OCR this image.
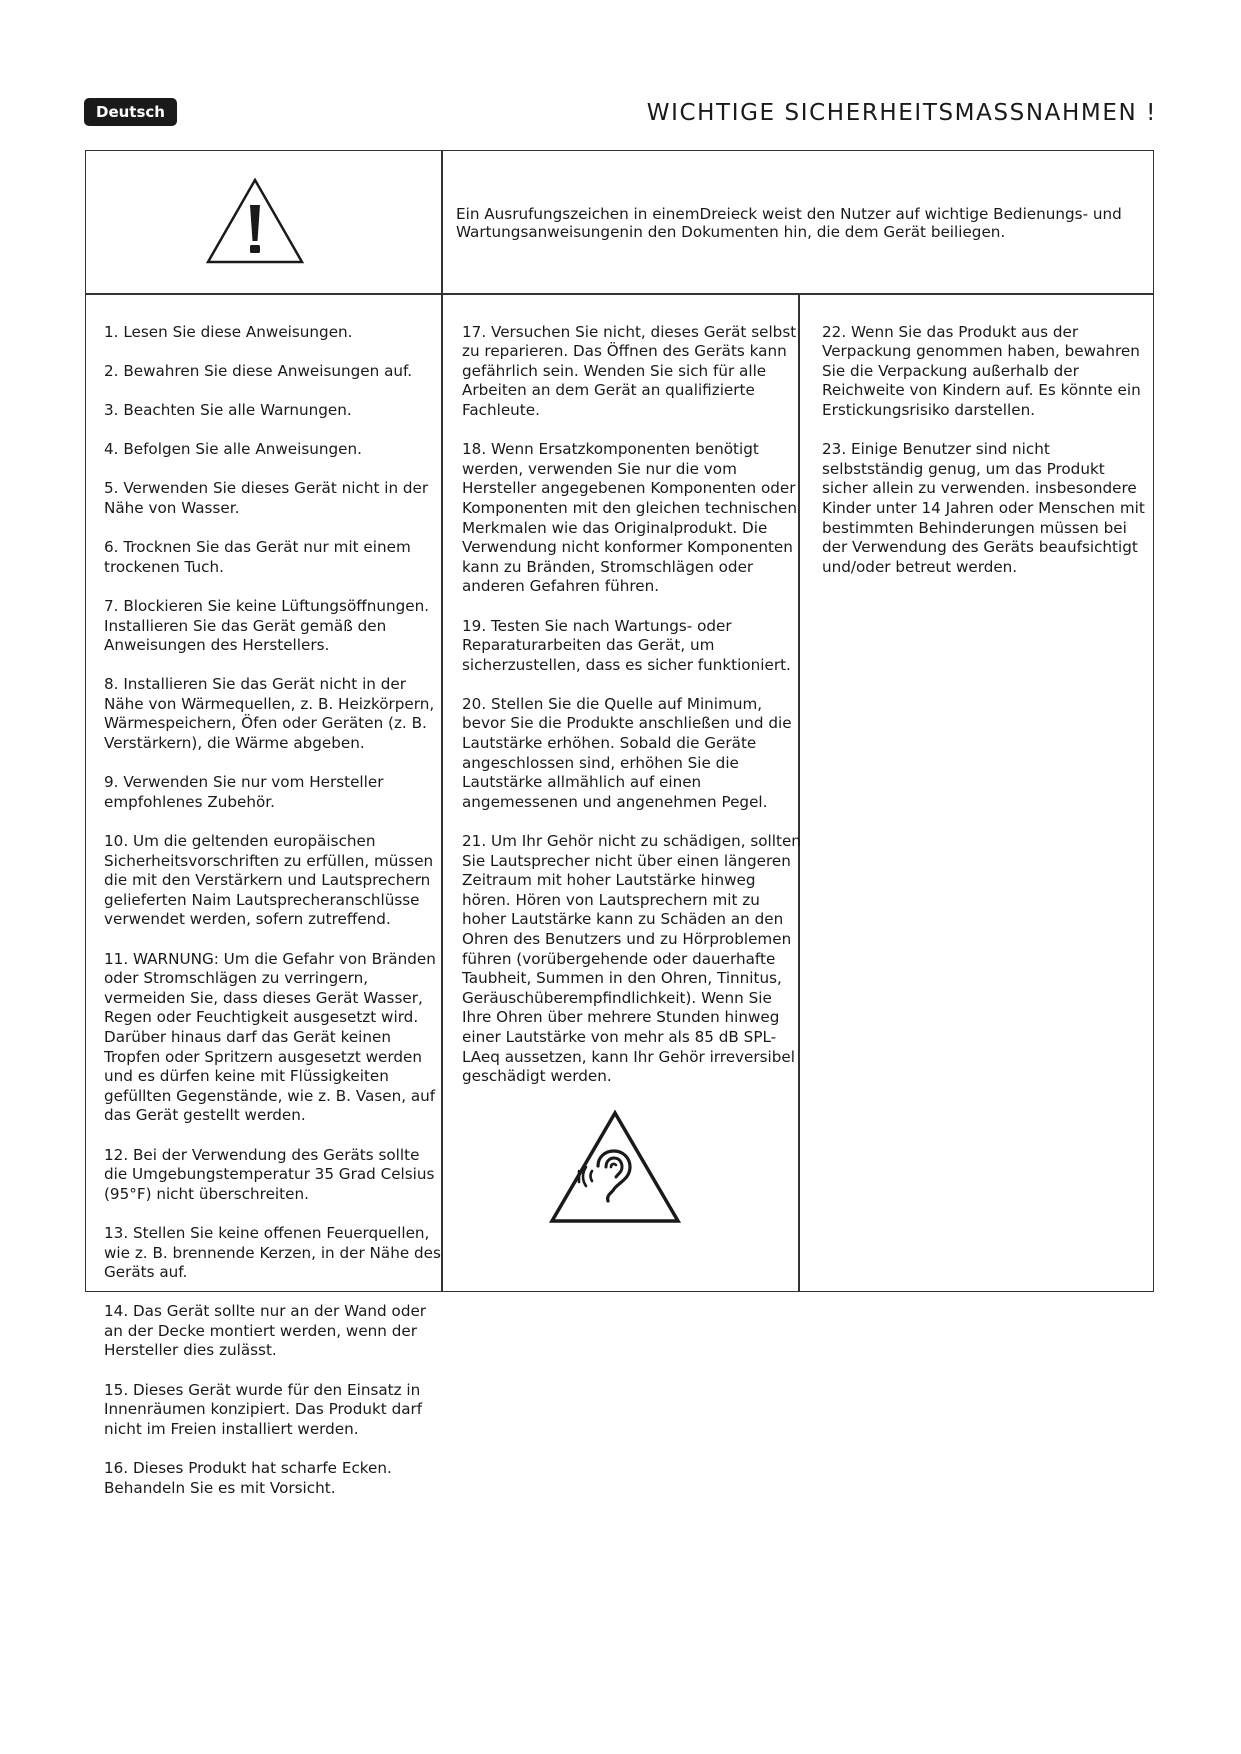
Deutsch	WICHTIGE SICHERHEITSMASSNAHMEN !
Ein Ausrufungszeichen in einemDreieck weist den Nutzer auf wichtige Bedienungs- und Wartungsanweisungenin den Dokumenten hin, die dem Gerät beiliegen.

1. Lesen Sie diese Anweisungen.

2. Bewahren Sie diese Anweisungen auf.

3. Beachten Sie alle Warnungen.

4. Befolgen Sie alle Anweisungen.

5. Verwenden Sie dieses Gerät nicht in der Nähe von Wasser.

6. Trocknen Sie das Gerät nur mit einem trockenen Tuch.

7. Blockieren Sie keine Lüftungsöffnungen. Installieren Sie das Gerät gemäß den Anweisungen des Herstellers.

8. Installieren Sie das Gerät nicht in der Nähe von Wärmequellen, z. B. Heizkörpern, Wärmespeichern, Öfen oder Geräten (z. B. Verstärkern), die Wärme abgeben.

9. Verwenden Sie nur vom Hersteller empfohlenes Zubehör.

10. Um die geltenden europäischen Sicherheitsvorschriften zu erfüllen, müssen die mit den Verstärkern und Lautsprechern gelieferten Naim Lautsprecheranschlüsse verwendet werden, sofern zutreffend.

11. WARNUNG: Um die Gefahr von Bränden oder Stromschlägen zu verringern, vermeiden Sie, dass dieses Gerät Wasser, Regen oder Feuchtigkeit ausgesetzt wird. Darüber hinaus darf das Gerät keinen Tropfen oder Spritzern ausgesetzt werden und es dürfen keine mit Flüssigkeiten gefüllten Gegenstände, wie z. B. Vasen, auf das Gerät gestellt werden.

12. Bei der Verwendung des Geräts sollte die Umgebungstemperatur 35 Grad Celsius (95°F) nicht überschreiten.

13. Stellen Sie keine offenen Feuerquellen, wie z. B. brennende Kerzen, in der Nähe des Geräts auf.

14. Das Gerät sollte nur an der Wand oder an der Decke montiert werden, wenn der Hersteller dies zulässt.

15. Dieses Gerät wurde für den Einsatz in Innenräumen konzipiert. Das Produkt darf nicht im Freien installiert werden.

16. Dieses Produkt hat scharfe Ecken. Behandeln Sie es mit Vorsicht.

17. Versuchen Sie nicht, dieses Gerät selbst zu reparieren. Das Öffnen des Geräts kann gefährlich sein. Wenden Sie sich für alle Arbeiten an dem Gerät an qualifizierte Fachleute.

18. Wenn Ersatzkomponenten benötigt werden, verwenden Sie nur die vom Hersteller angegebenen Komponenten oder Komponenten mit den gleichen technischen Merkmalen wie das Originalprodukt. Die Verwendung nicht konformer Komponenten kann zu Bränden, Stromschlägen oder anderen Gefahren führen.

19. Testen Sie nach Wartungs- oder Reparaturarbeiten das Gerät, um sicherzustellen, dass es sicher funktioniert.

20. Stellen Sie die Quelle auf Minimum, bevor Sie die Produkte anschließen und die Lautstärke erhöhen. Sobald die Geräte angeschlossen sind, erhöhen Sie die Lautstärke allmählich auf einen angemessenen und angenehmen Pegel.

21. Um Ihr Gehör nicht zu schädigen, sollten Sie Lautsprecher nicht über einen längeren Zeitraum mit hoher Lautstärke hinweg hören. Hören von Lautsprechern mit zu hoher Lautstärke kann zu Schäden an den Ohren des Benutzers und zu Hörproblemen führen (vorübergehende oder dauerhafte Taubheit, Summen in den Ohren, Tinnitus, Geräuschüberempfindlichkeit). Wenn Sie Ihre Ohren über mehrere Stunden hinweg einer Lautstärke von mehr als 85 dB SPL-LAeq aussetzen, kann Ihr Gehör irreversibel geschädigt werden.

22. Wenn Sie das Produkt aus der Verpackung genommen haben, bewahren Sie die Verpackung außerhalb der Reichweite von Kindern auf. Es könnte ein Erstickungsrisiko darstellen.

23. Einige Benutzer sind nicht selbstständig genug, um das Produkt sicher allein zu verwenden. insbesondere Kinder unter 14 Jahren oder Menschen mit bestimmten Behinderungen müssen bei der Verwendung des Geräts beaufsichtigt und/oder betreut werden.
